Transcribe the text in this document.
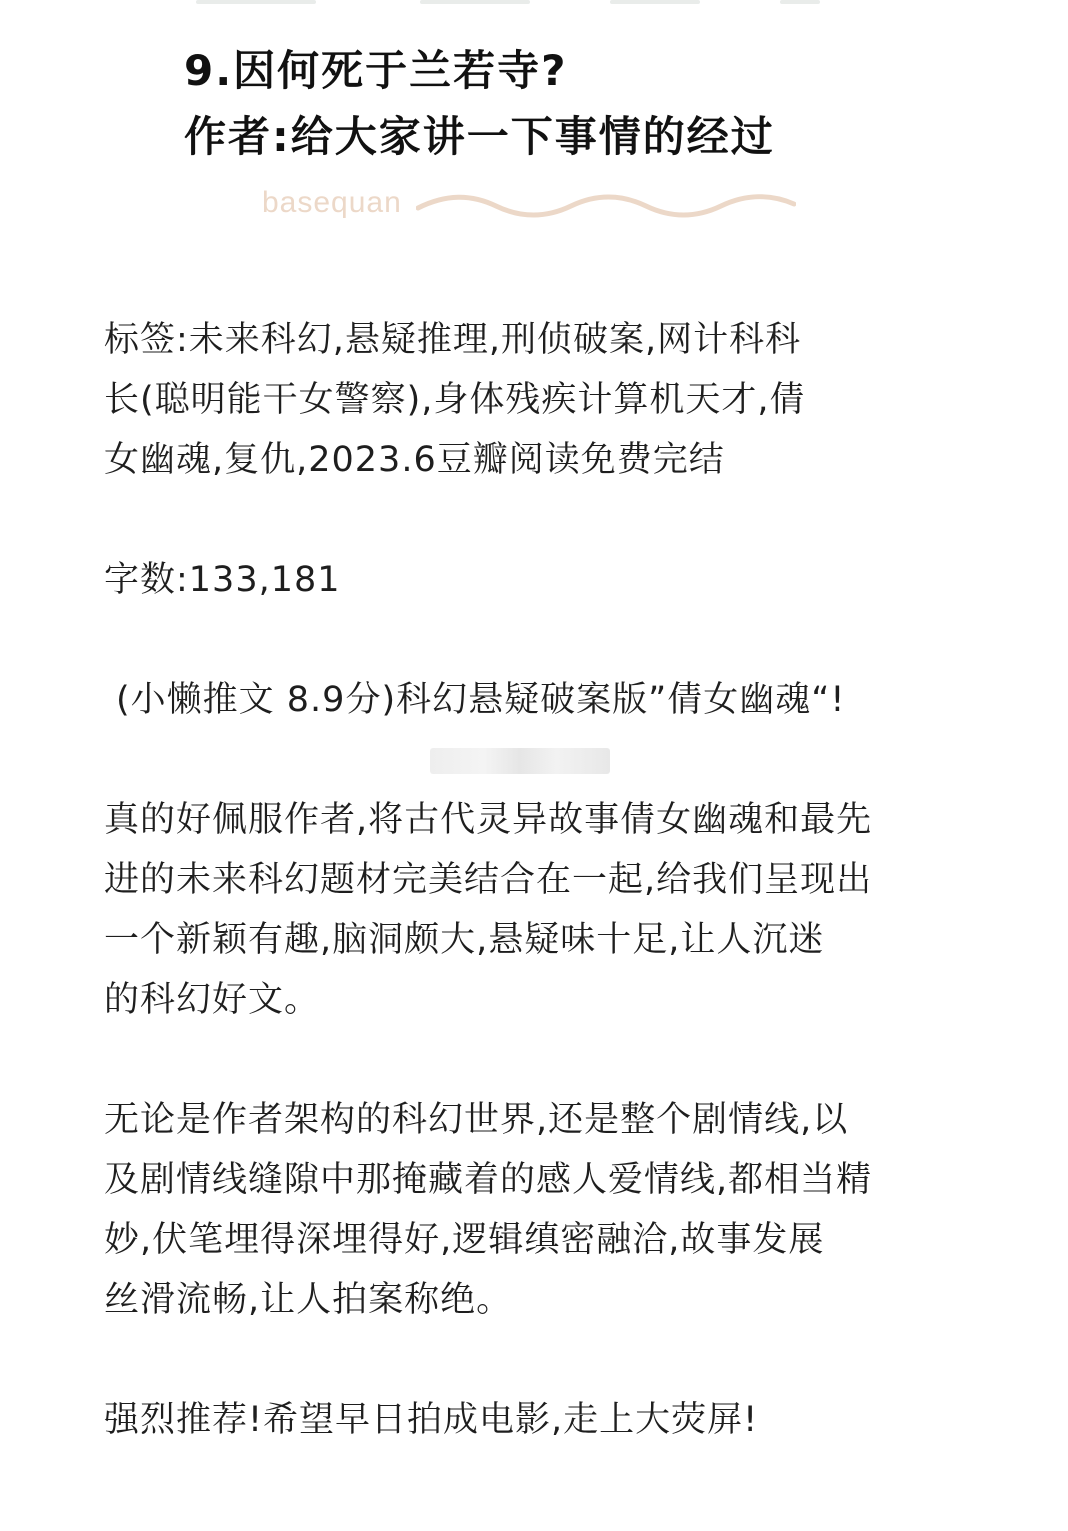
9.因何死于兰若寺?
作者:给大家讲一下事情的经过
basequan

标签:未来科幻,悬疑推理,刑侦破案,网计科科

长(聪明能干女警察),身体残疾计算机天才,倩

女幽魂,复仇,2023.6豆瓣阅读免费完结

字数:133,181

(小懒推文 8.9分)科幻悬疑破案版”倩女幽魂“!

真的好佩服作者,将古代灵异故事倩女幽魂和最先

进的未来科幻题材完美结合在一起,给我们呈现出

一个新颖有趣,脑洞颇大,悬疑味十足,让人沉迷

的科幻好文。

无论是作者架构的科幻世界,还是整个剧情线,以

及剧情线缝隙中那掩藏着的感人爱情线,都相当精

妙,伏笔埋得深埋得好,逻辑缜密融洽,故事发展

丝滑流畅,让人拍案称绝。

强烈推荐!希望早日拍成电影,走上大荧屏!
